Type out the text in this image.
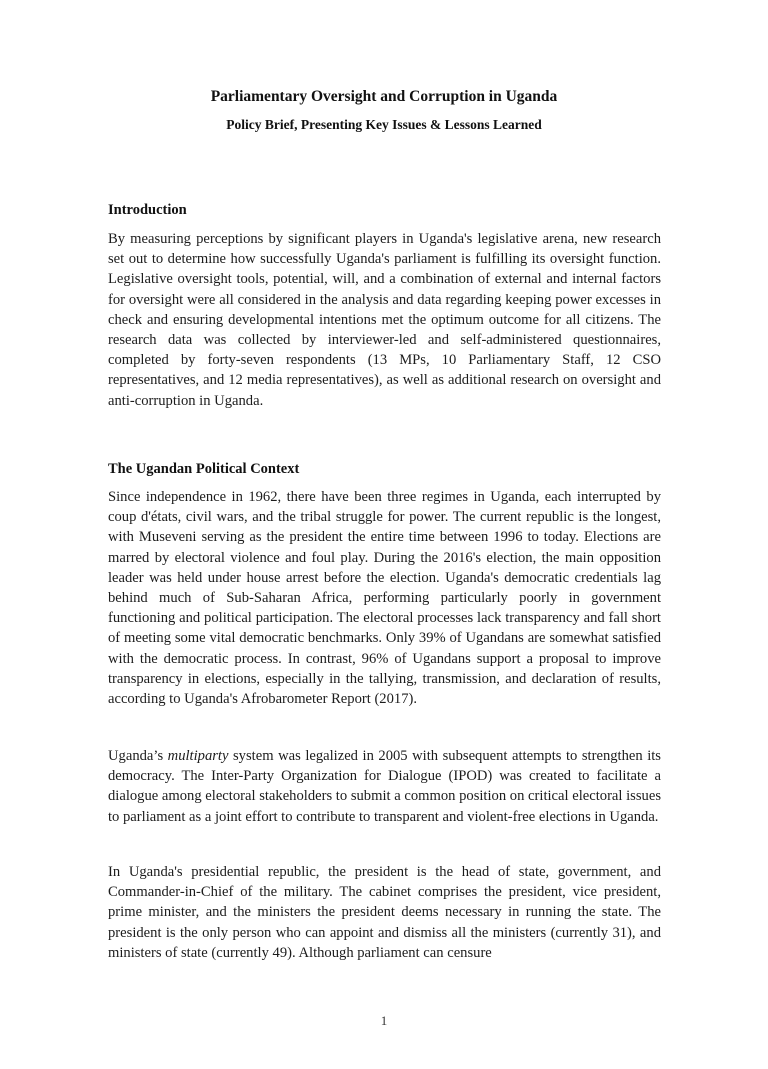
Parliamentary Oversight and Corruption in Uganda
Policy Brief, Presenting Key Issues & Lessons Learned
Introduction

By measuring perceptions by significant players in Uganda's legislative arena, new research set out to determine how successfully Uganda's parliament is fulfilling its oversight function. Legislative oversight tools, potential, will, and a combination of external and internal factors for oversight were all considered in the analysis and data regarding keeping power excesses in check and ensuring developmental intentions met the optimum outcome for all citizens. The research data was collected by interviewer-led and self-administered questionnaires, completed by forty-seven respondents (13 MPs, 10 Parliamentary Staff, 12 CSO representatives, and 12 media representatives), as well as additional research on oversight and anti-corruption in Uganda.

The Ugandan Political Context

Since independence in 1962, there have been three regimes in Uganda, each interrupted by coup d'états, civil wars, and the tribal struggle for power. The current republic is the longest, with Museveni serving as the president the entire time between 1996 to today. Elections are marred by electoral violence and foul play. During the 2016's election, the main opposition leader was held under house arrest before the election. Uganda's democratic credentials lag behind much of Sub-Saharan Africa, performing particularly poorly in government functioning and political participation. The electoral processes lack transparency and fall short of meeting some vital democratic benchmarks. Only 39% of Ugandans are somewhat satisfied with the democratic process. In contrast, 96% of Ugandans support a proposal to improve transparency in elections, especially in the tallying, transmission, and declaration of results, according to Uganda's Afrobarometer Report (2017).

Uganda’s multiparty system was legalized in 2005 with subsequent attempts to strengthen its democracy. The Inter-Party Organization for Dialogue (IPOD) was created to facilitate a dialogue among electoral stakeholders to submit a common position on critical electoral issues to parliament as a joint effort to contribute to transparent and violent-free elections in Uganda.

In Uganda's presidential republic, the president is the head of state, government, and Commander-in-Chief of the military. The cabinet comprises the president, vice president, prime minister, and the ministers the president deems necessary in running the state. The president is the only person who can appoint and dismiss all the ministers (currently 31), and ministers of state (currently 49). Although parliament can censure

1
